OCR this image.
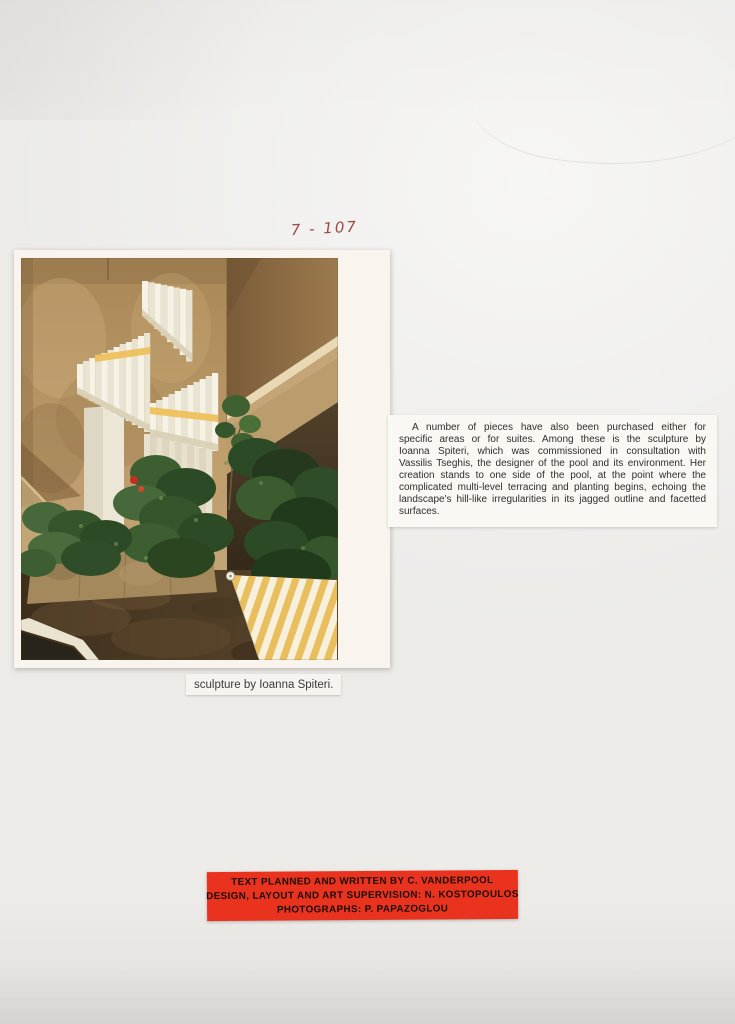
7 - 107
sculpture by Ioanna Spiteri.

A number of pieces have also been purchased either for specific areas or for suites. Among these is the sculpture by Ioanna Spiteri, which was commissioned in consultation with Vassilis Tseghis, the designer of the pool and its environment. Her creation stands to one side of the pool, at the point where the complicated multi-level terracing and planting begins, echoing the landscape's hill-like irregularities in its jagged outline and facetted surfaces.

TEXT PLANNED AND WRITTEN BY C. VANDERPOOL
DESIGN, LAYOUT AND ART SUPERVISION: N. KOSTOPOULOS
PHOTOGRAPHS: P. PAPAZOGLOU
